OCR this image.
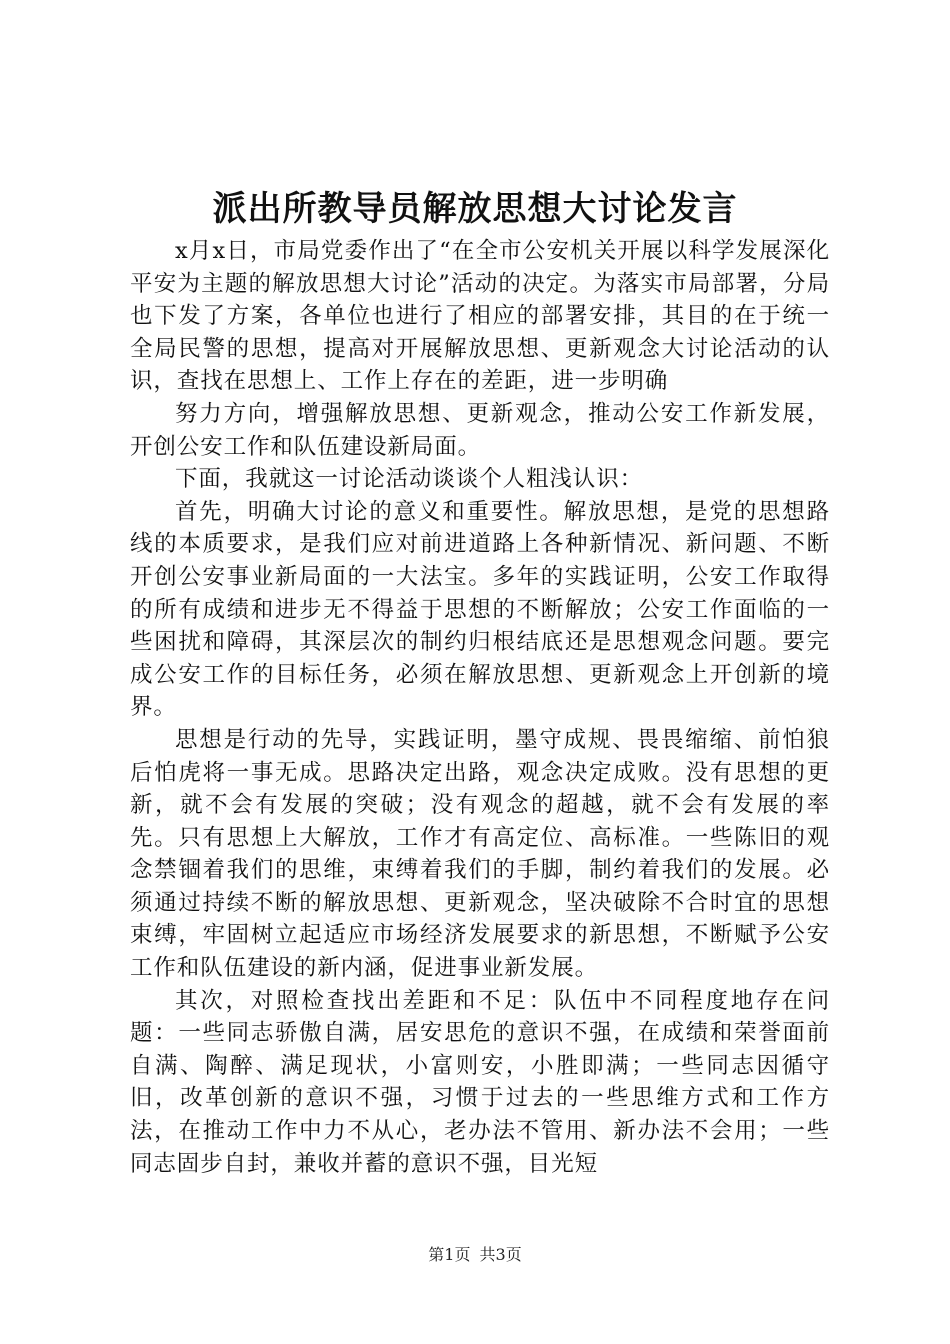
派出所教导员解放思想大讨论发言

x月x日，市局党委作出了“在全市公安机关开展以科学发展深化平安为主题的解放思想大讨论”活动的决定。为落实市局部署，分局也下发了方案，各单位也进行了相应的部署安排，其目的在于统一全局民警的思想，提高对开展解放思想、更新观念大讨论活动的认识，查找在思想上、工作上存在的差距，进一步明确

努力方向，增强解放思想、更新观念，推动公安工作新发展，开创公安工作和队伍建设新局面。

下面，我就这一讨论活动谈谈个人粗浅认识：

首先，明确大讨论的意义和重要性。解放思想，是党的思想路线的本质要求，是我们应对前进道路上各种新情况、新问题、不断开创公安事业新局面的一大法宝。多年的实践证明，公安工作取得的所有成绩和进步无不得益于思想的不断解放；公安工作面临的一些困扰和障碍，其深层次的制约归根结底还是思想观念问题。要完成公安工作的目标任务，必须在解放思想、更新观念上开创新的境界。

思想是行动的先导，实践证明，墨守成规、畏畏缩缩、前怕狼后怕虎将一事无成。思路决定出路，观念决定成败。没有思想的更新，就不会有发展的突破；没有观念的超越，就不会有发展的率先。只有思想上大解放，工作才有高定位、高标准。一些陈旧的观念禁锢着我们的思维，束缚着我们的手脚，制约着我们的发展。必须通过持续不断的解放思想、更新观念，坚决破除不合时宜的思想束缚，牢固树立起适应市场经济发展要求的新思想，不断赋予公安工作和队伍建设的新内涵，促进事业新发展。

其次，对照检查找出差距和不足：队伍中不同程度地存在问题：一些同志骄傲自满，居安思危的意识不强，在成绩和荣誉面前自满、陶醉、满足现状，小富则安，小胜即满；一些同志因循守旧，改革创新的意识不强，习惯于过去的一些思维方式和工作方法，在推动工作中力不从心，老办法不管用、新办法不会用；一些同志固步自封，兼收并蓄的意识不强，目光短

第1页 共3页
